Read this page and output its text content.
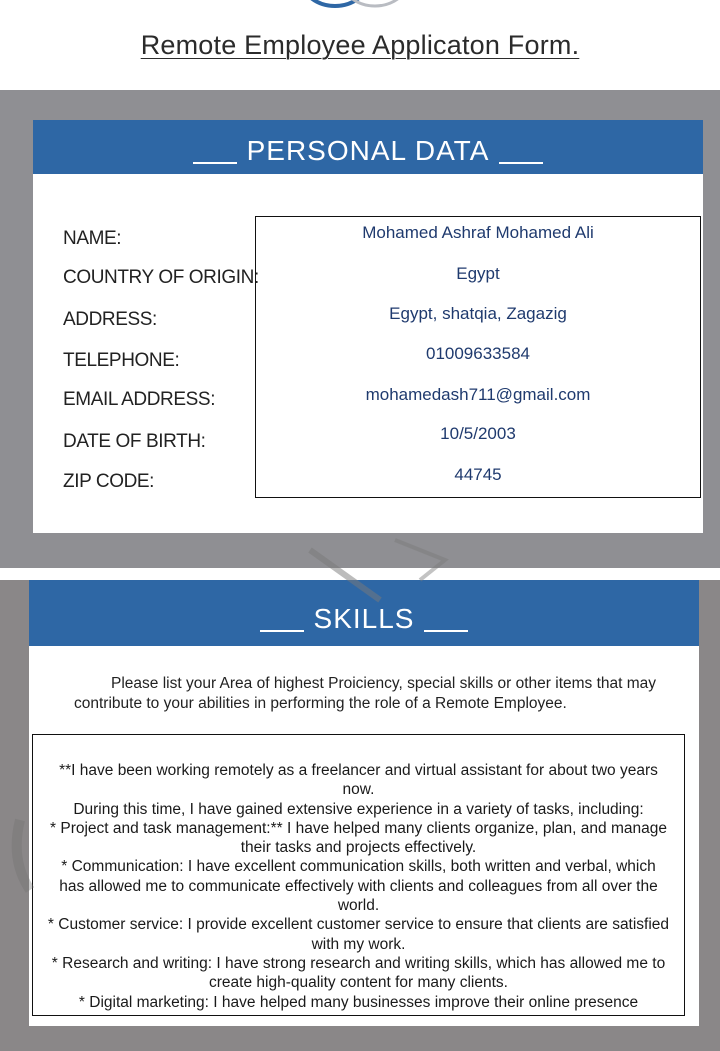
Remote Employee Applicaton Form.
PERSONAL DATA
NAME:
COUNTRY OF ORIGIN:
ADDRESS:
TELEPHONE:
EMAIL ADDRESS:
DATE OF BIRTH:
ZIP CODE:
Mohamed Ashraf Mohamed Ali
Egypt
Egypt, shatqia, Zagazig
01009633584
mohamedash711@gmail.com
10/5/2003
44745
SKILLS
Please list your Area of highest Proiciency, special skills or other items that may contribute to your abilities in performing the role of a Remote Employee.

**I have been working remotely as a freelancer and virtual assistant for about two years now.

During this time, I have gained extensive experience in a variety of tasks, including:

* Project and task management:** I have helped many clients organize, plan, and manage their tasks and projects effectively.

* Communication: I have excellent communication skills, both written and verbal, which has allowed me to communicate effectively with clients and colleagues from all over the world.

* Customer service: I provide excellent customer service to ensure that clients are satisfied with my work.

* Research and writing: I have strong research and writing skills, which has allowed me to create high-quality content for many clients.

* Digital marketing: I have helped many businesses improve their online presence
